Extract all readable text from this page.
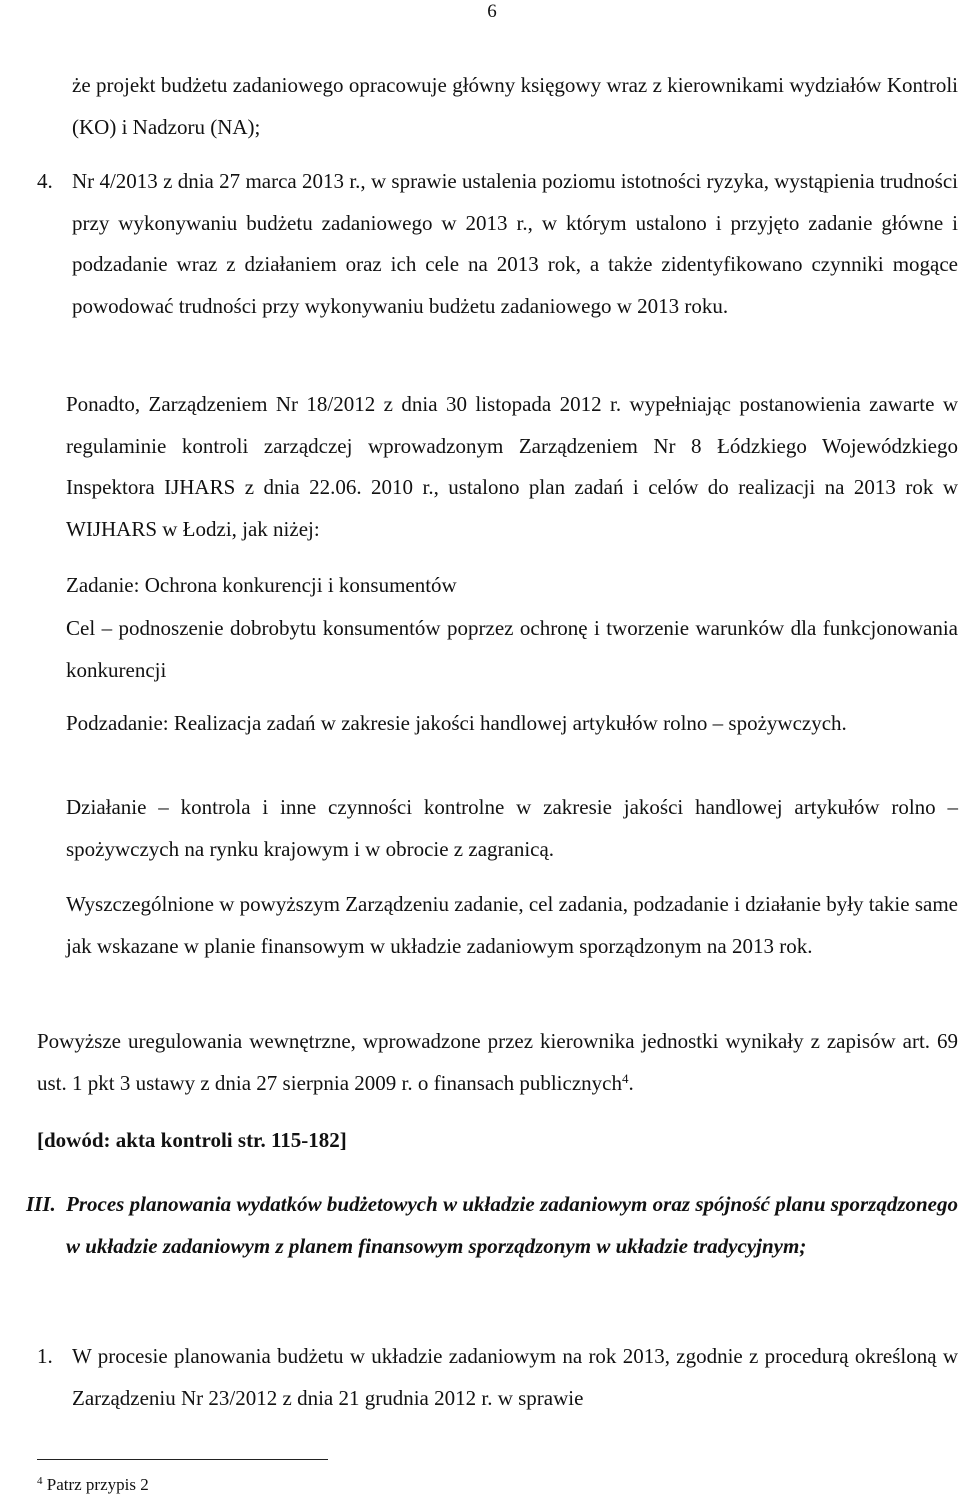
6

że projekt budżetu zadaniowego opracowuje główny księgowy wraz z kierownikami wydziałów Kontroli (KO) i Nadzoru (NA);

4. Nr 4/2013 z dnia 27 marca 2013 r., w sprawie ustalenia poziomu istotności ryzyka, wystąpienia trudności przy wykonywaniu budżetu zadaniowego w 2013 r., w którym ustalono i przyjęto zadanie główne i podzadanie wraz z działaniem oraz ich cele na 2013 rok, a także zidentyfikowano czynniki mogące powodować trudności przy wykonywaniu budżetu zadaniowego w 2013 roku.

Ponadto, Zarządzeniem Nr 18/2012 z dnia 30 listopada 2012 r. wypełniając postanowienia zawarte w regulaminie kontroli zarządczej wprowadzonym Zarządzeniem Nr 8 Łódzkiego Wojewódzkiego Inspektora IJHARS z dnia 22.06. 2010 r., ustalono plan zadań i celów do realizacji na 2013 rok w WIJHARS w Łodzi, jak niżej:

Zadanie: Ochrona konkurencji i konsumentów

Cel – podnoszenie dobrobytu konsumentów poprzez ochronę i tworzenie warunków dla funkcjonowania konkurencji

Podzadanie: Realizacja zadań w zakresie jakości handlowej artykułów rolno – spożywczych.

Działanie – kontrola i inne czynności kontrolne w zakresie jakości handlowej artykułów rolno – spożywczych na rynku krajowym i w obrocie z zagranicą.

Wyszczególnione w powyższym Zarządzeniu zadanie, cel zadania, podzadanie i działanie były takie same jak wskazane w planie finansowym w układzie zadaniowym sporządzonym na 2013 rok.

Powyższe uregulowania wewnętrzne, wprowadzone przez kierownika jednostki wynikały z zapisów art. 69 ust. 1 pkt 3 ustawy z dnia 27 sierpnia 2009 r. o finansach publicznych$^4$.

[dowód: akta kontroli str. 115-182]

III. Proces planowania wydatków budżetowych w układzie zadaniowym oraz spójność planu sporządzonego w układzie zadaniowym z planem finansowym sporządzonym w układzie tradycyjnym;

1. W procesie planowania budżetu w układzie zadaniowym na rok 2013, zgodnie z procedurą określoną w Zarządzeniu Nr 23/2012 z dnia 21 grudnia 2012 r. w sprawie

$^4$ Patrz przypis 2
